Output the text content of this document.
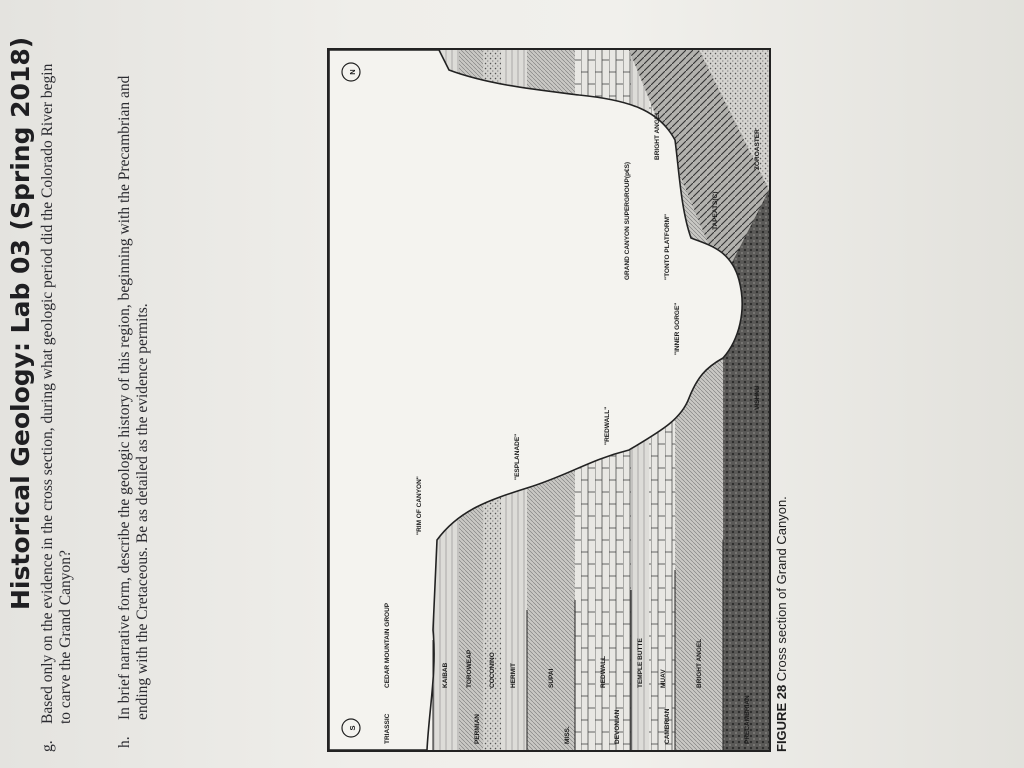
Historical Geology: Lab 03 (Spring 2018)
g.
Based only on the evidence in the cross section, during what geologic period did the Colorado River begin to carve the Grand Canyon?
h.
In brief narrative form, describe the geologic history of this region, beginning with the Precambrian and ending with the Cretaceous. Be as detailed as the evidence permits.
S
N
TRIASSIC	PERMIAN	MISS.	DEVONIAN	CAMBRIAN	PRECAMBRIAN
CEDAR MOUNTAIN GROUP	KAIBAB	TOROWEAP COCONINO HERMIT	SUPAI	REDWALL	TEMPLE BUTTE MUAV	BRIGHT ANGEL
"RIM OF CANYON"
"ESPLANADE"
"REDWALL"
"INNER GORGE"
"TONTO PLATFORM"
GRAND CANYON SUPERGROUP(p€S)
BRIGHT ANGEL
TAPEATS(C)
VISHNU
ZOROASTER
FIGURE 28 Cross section of Grand Canyon.
